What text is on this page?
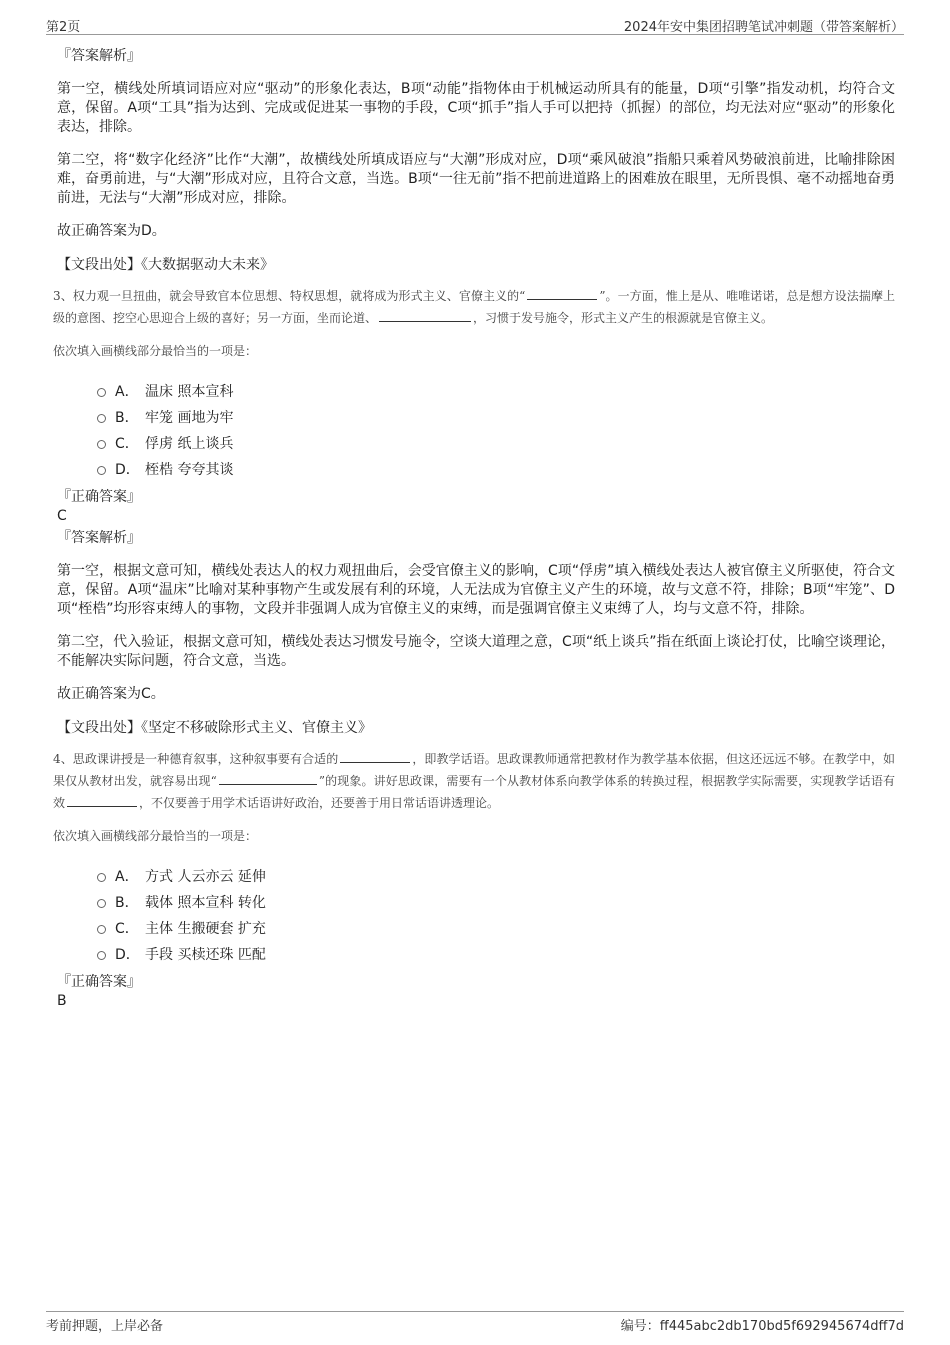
第2页	2024年安中集团招聘笔试冲刺题（带答案解析）

『答案解析』

第一空，横线处所填词语应对应“驱动”的形象化表达，B项“动能”指物体由于机械运动所具有的能量，D项“引擎”指发动机，均符合文意，保留。A项“工具”指为达到、完成或促进某一事物的手段，C项“抓手”指人手可以把持（抓握）的部位，均无法对应“驱动”的形象化表达，排除。

第二空，将“数字化经济”比作“大潮”，故横线处所填成语应与“大潮”形成对应，D项“乘风破浪”指船只乘着风势破浪前进，比喻排除困难，奋勇前进，与“大潮”形成对应，且符合文意，当选。B项“一往无前”指不把前进道路上的困难放在眼里，无所畏惧、毫不动摇地奋勇前进，无法与“大潮”形成对应，排除。

故正确答案为D。

【文段出处】《大数据驱动大未来》

3、权力观一旦扭曲，就会导致官本位思想、特权思想，就将成为形式主义、官僚主义的“	”。一方面，惟上是从、唯唯诺诺，总是想方设法揣摩上级的意图、挖空心思迎合上级的喜好；另一方面，坐而论道、	，习惯于发号施令，形式主义产生的根源就是官僚主义。

依次填入画横线部分最恰当的一项是：

A． 温床 照本宣科
B． 牢笼 画地为牢
C． 俘虏 纸上谈兵
D． 桎梏 夸夸其谈

『正确答案』

C

『答案解析』

第一空，根据文意可知，横线处表达人的权力观扭曲后，会受官僚主义的影响，C项“俘虏”填入横线处表达人被官僚主义所驱使，符合文意，保留。A项“温床”比喻对某种事物产生或发展有利的环境，人无法成为官僚主义产生的环境，故与文意不符，排除；B项“牢笼”、D项“桎梏”均形容束缚人的事物，文段并非强调人成为官僚主义的束缚，而是强调官僚主义束缚了人，均与文意不符，排除。

第二空，代入验证，根据文意可知，横线处表达习惯发号施令，空谈大道理之意，C项“纸上谈兵”指在纸面上谈论打仗，比喻空谈理论，不能解决实际问题，符合文意，当选。

故正确答案为C。

【文段出处】《坚定不移破除形式主义、官僚主义》

4、思政课讲授是一种德育叙事，这种叙事要有合适的	，即教学话语。思政课教师通常把教材作为教学基本依据，但这还远远不够。在教学中，如果仅从教材出发，就容易出现“	”的现象。讲好思政课，需要有一个从教材体系向教学体系的转换过程，根据教学实际需要，实现教学话语有效	，不仅要善于用学术话语讲好政治，还要善于用日常话语讲透理论。

依次填入画横线部分最恰当的一项是：

A． 方式 人云亦云 延伸
B． 载体 照本宣科 转化
C． 主体 生搬硬套 扩充
D． 手段 买椟还珠 匹配

『正确答案』

B

考前押题，上岸必备	编号：ff445abc2db170bd5f692945674dff7d
